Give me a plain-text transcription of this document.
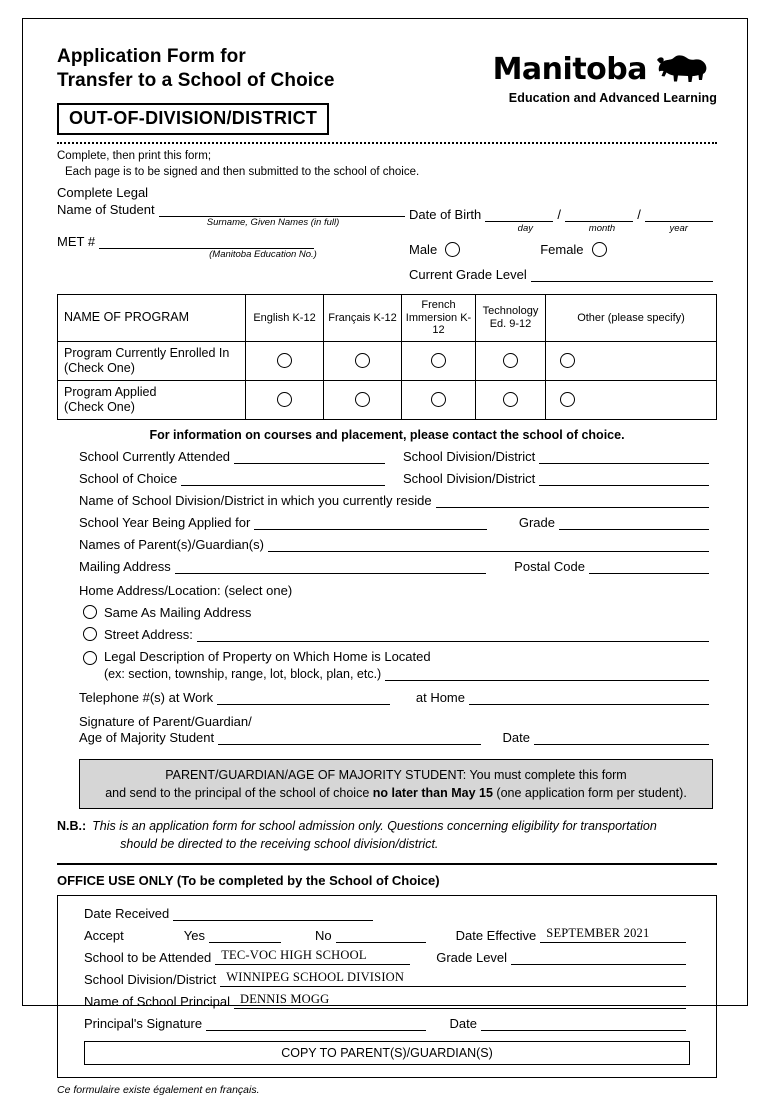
Application Form for
Transfer to a School of Choice
OUT-OF-DIVISION/DISTRICT
Manitoba
Education and Advanced Learning
Complete, then print this form;
Each page is to be signed and then submitted to the school of choice.
Complete Legal
Name of Student
Surname, Given Names (in full)
MET #
(Manitoba Education No.)
Date of Birth	/	/
day	month	year
Male	Female
Current Grade Level
NAME OF PROGRAM	English K-12	Français K-12	French Immersion K-12	Technology Ed. 9-12	Other (please specify)

Program Currently Enrolled In
(Check One)					

Program Applied
(Check One)					

For information on courses and placement, please contact the school of choice.
School Currently Attended	School Division/District
School of Choice	School Division/District
Name of School Division/District in which you currently reside
School Year Being Applied for	Grade
Names of Parent(s)/Guardian(s)
Mailing Address	Postal Code
Home Address/Location: (select one)
Same As Mailing Address
Street Address:
Legal Description of Property on Which Home is Located
(ex: section, township, range, lot, block, plan, etc.)
Telephone #(s) at Work	at Home
Signature of Parent/Guardian/
Age of Majority Student	Date
PARENT/GUARDIAN/AGE OF MAJORITY STUDENT: You must complete this form
and send to the principal of the school of choice no later than May 15 (one application form per student).
N.B.: This is an application form for school admission only. Questions concerning eligibility for transportation
should be directed to the receiving school division/district.
OFFICE USE ONLY (To be completed by the School of Choice)
Date Received
Accept	Yes	No	Date Effective SEPTEMBER 2021
School to be Attended TEC-VOC HIGH SCHOOL	Grade Level
School Division/District WINNIPEG SCHOOL DIVISION
Name of School Principal DENNIS MOGG
Principal's Signature	Date
COPY TO PARENT(S)/GUARDIAN(S)
Ce formulaire existe également en français.
